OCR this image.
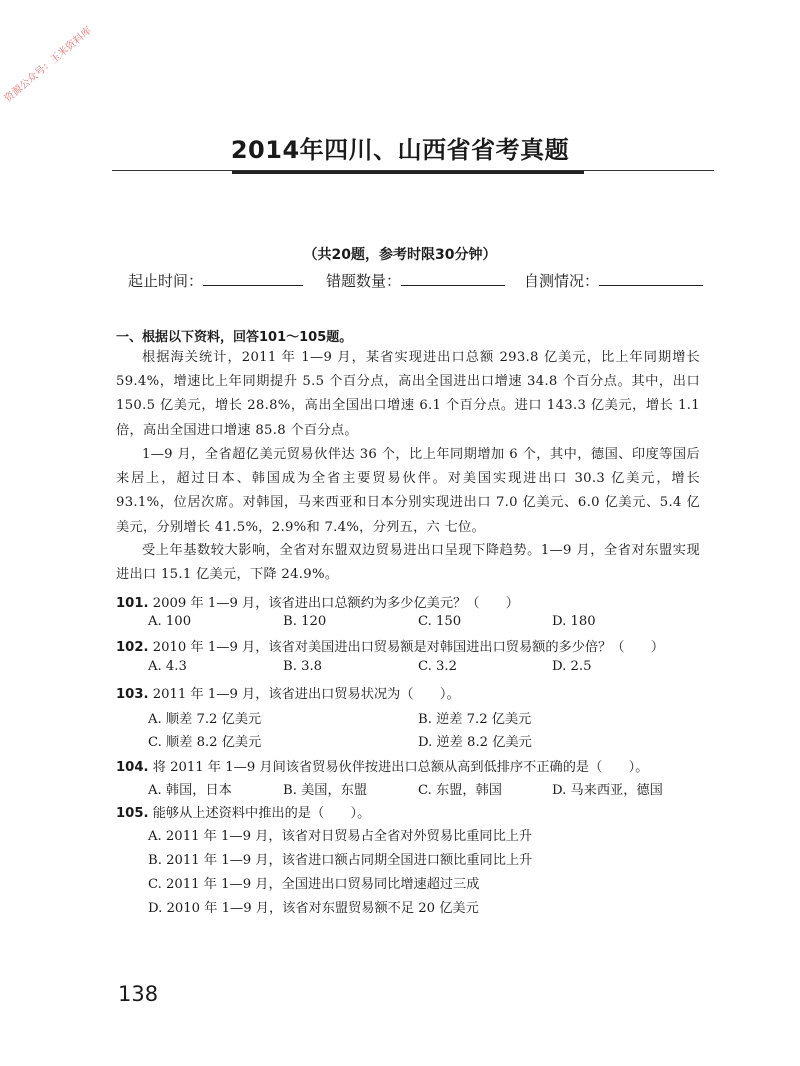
资源公众号：玉米资料库
2014年四川、山西省省考真题
（共20题，参考时限30分钟）
起止时间：	错题数量：	自测情况：
一、根据以下资料，回答101～105题。
根据海关统计，2011 年 1—9 月，某省实现进出口总额 293.8 亿美元，比上年同期增长 59.4%，增速比上年同期提升 5.5 个百分点，高出全国进出口增速 34.8 个百分点。其中，出口 150.5 亿美元，增长 28.8%，高出全国出口增速 6.1 个百分点。进口 143.3 亿美元，增长 1.1 倍，高出全国进口增速 85.8 个百分点。
1—9 月，全省超亿美元贸易伙伴达 36 个，比上年同期增加 6 个，其中，德国、印度等国后来居上，超过日本、韩国成为全省主要贸易伙伴。对美国实现进出口 30.3 亿美元，增长 93.1%，位居次席。对韩国，马来西亚和日本分别实现进出口 7.0 亿美元、6.0 亿美元、5.4 亿美元，分别增长 41.5%，2.9%和 7.4%，分列五，六 七位。
受上年基数较大影响，全省对东盟双边贸易进出口呈现下降趋势。1—9 月，全省对东盟实现进出口 15.1 亿美元，下降 24.9%。
101. 2009 年 1—9 月，该省进出口总额约为多少亿美元？（　　）
A. 100	B. 120	C. 150	D. 180
102. 2010 年 1—9 月，该省对美国进出口贸易额是对韩国进出口贸易额的多少倍？（　　）
A. 4.3	B. 3.8	C. 3.2	D. 2.5
103. 2011 年 1—9 月，该省进出口贸易状况为（　　）。
A. 顺差 7.2 亿美元	B. 逆差 7.2 亿美元
C. 顺差 8.2 亿美元	D. 逆差 8.2 亿美元
104. 将 2011 年 1—9 月间该省贸易伙伴按进出口总额从高到低排序不正确的是（　　）。
A. 韩国，日本	B. 美国，东盟	C. 东盟，韩国	D. 马来西亚，德国
105. 能够从上述资料中推出的是（　　）。
A. 2011 年 1—9 月，该省对日贸易占全省对外贸易比重同比上升
B. 2011 年 1—9 月，该省进口额占同期全国进口额比重同比上升
C. 2011 年 1—9 月，全国进出口贸易同比增速超过三成
D. 2010 年 1—9 月，该省对东盟贸易额不足 20 亿美元
138
